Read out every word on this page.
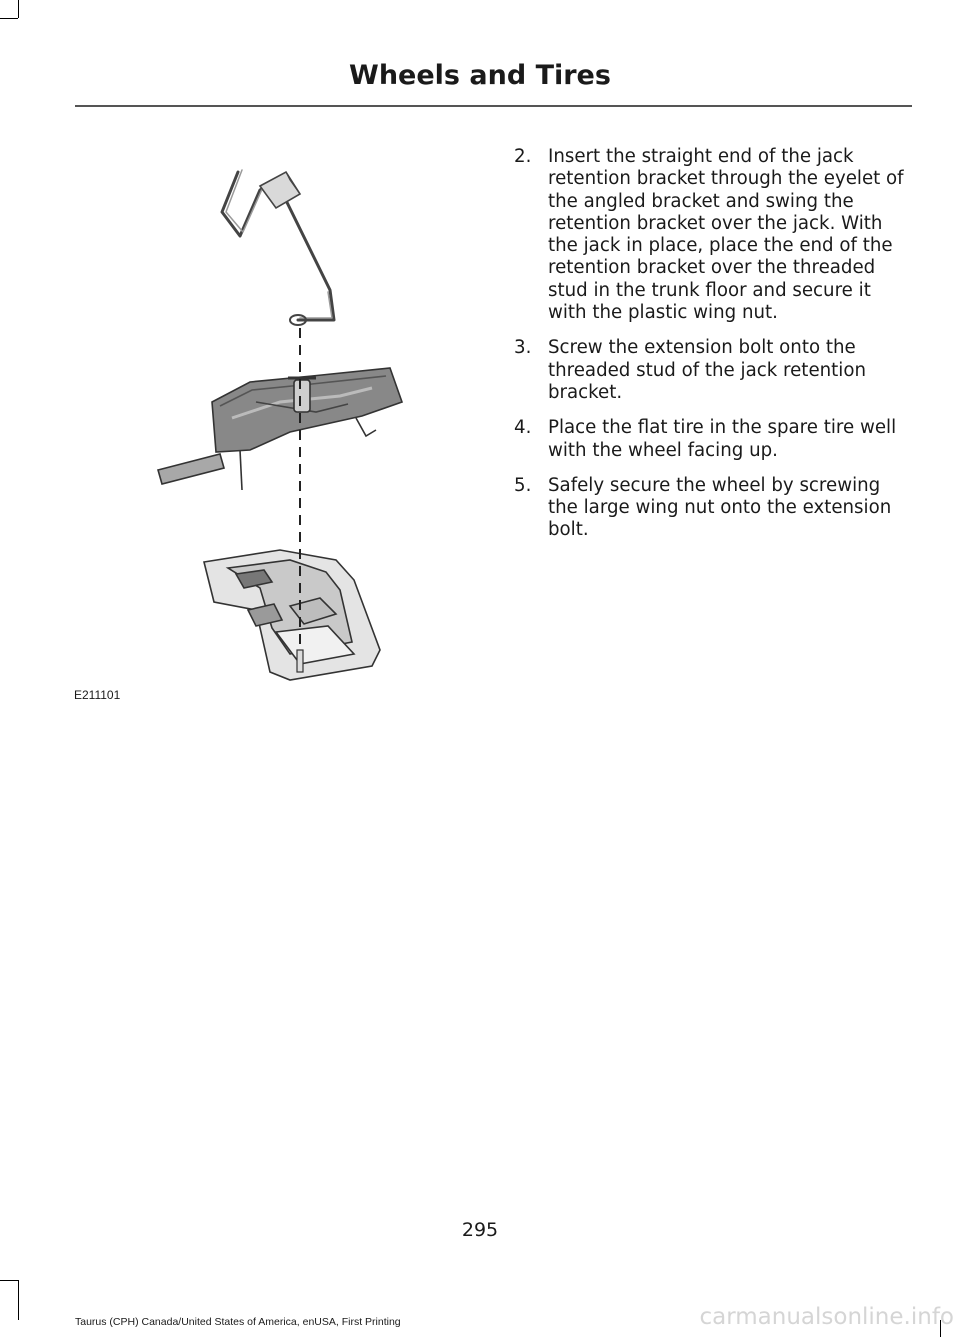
Wheels and Tires
E211101
2. Insert the straight end of the jack retention bracket through the eyelet of the angled bracket and swing the retention bracket over the jack. With the jack in place, place the end of the retention bracket over the threaded stud in the trunk floor and secure it with the plastic wing nut.
3. Screw the extension bolt onto the threaded stud of the jack retention bracket.
4. Place the flat tire in the spare tire well with the wheel facing up.
5. Safely secure the wheel by screwing the large wing nut onto the extension bolt.
295
Taurus (CPH) Canada/United States of America, enUSA, First Printing	carmanualsonline.info
